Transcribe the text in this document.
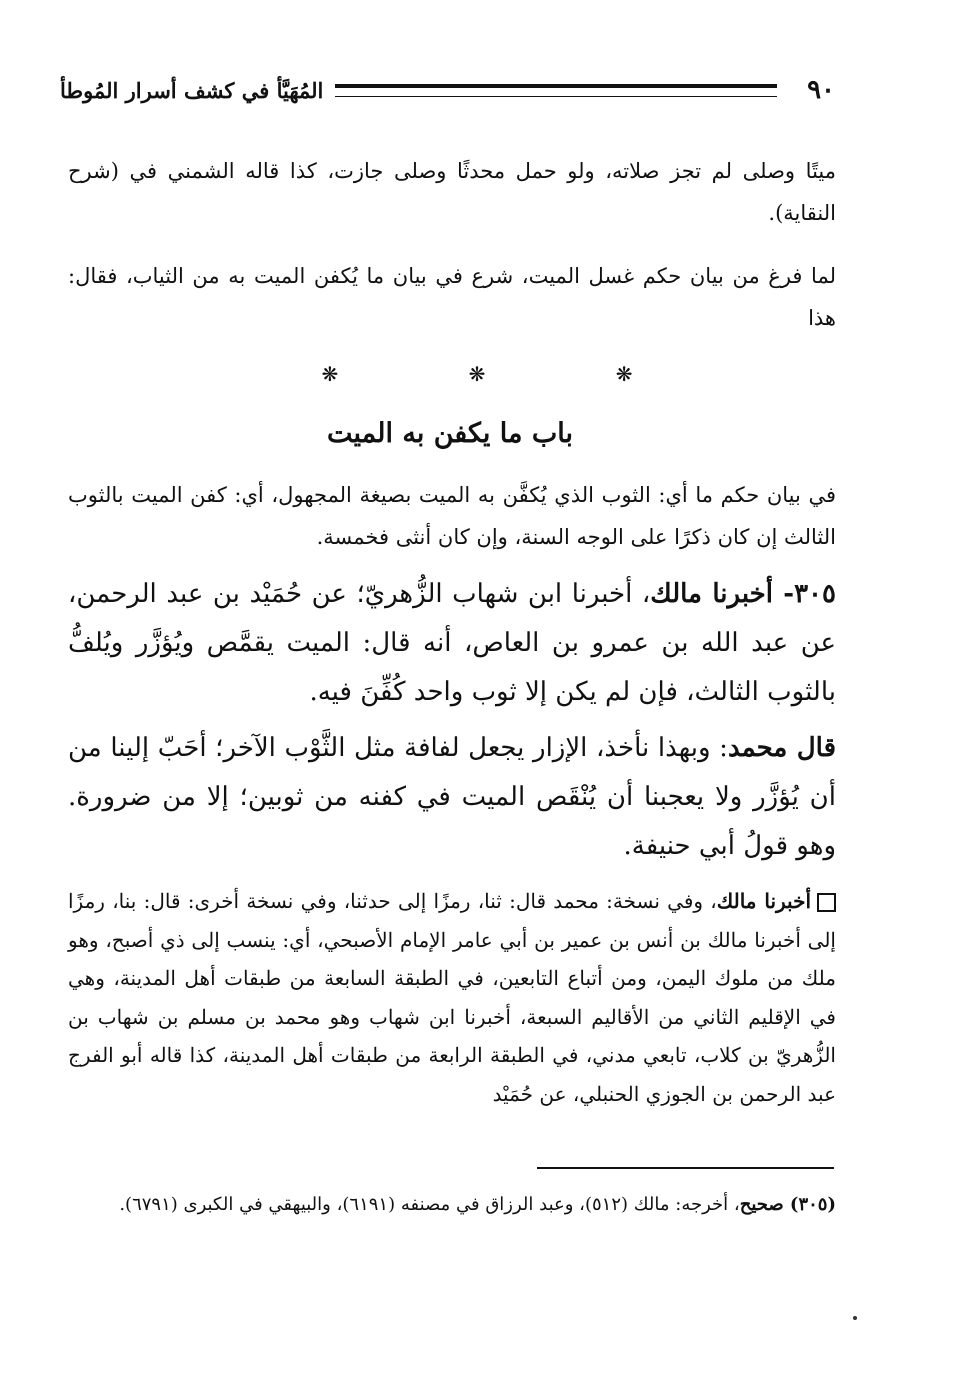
٩٠
المُهَيَّأ في كشف أسرار المُوطأ

ميتًا وصلى لم تجز صلاته، ولو حمل محدثًا وصلى جازت، كذا قاله الشمني في (شرح النقاية).

لما فرغ من بيان حكم غسل الميت، شرع في بيان ما يُكفن الميت به من الثياب، فقال: هذا

❋ ❋ ❋
باب ما يكفن به الميت

في بيان حكم ما أي: الثوب الذي يُكفَّن به الميت بصيغة المجهول، أي: كفن الميت بالثوب الثالث إن كان ذكرًا على الوجه السنة، وإن كان أنثى فخمسة.

٣٠٥- أخبرنا مالك، أخبرنا ابن شهاب الزُّهريّ؛ عن حُمَيْد بن عبد الرحمن، عن عبد الله بن عمرو بن العاص، أنه قال: الميت يقمَّص ويُؤزَّر ويُلفُّ بالثوب الثالث، فإن لم يكن إلا ثوب واحد كُفِّنَ فيه.

قال محمد: وبهذا نأخذ، الإزار يجعل لفافة مثل الثَّوْب الآخر؛ أحَبّ إلينا من أن يُؤزَّر ولا يعجبنا أن يُنْقَص الميت في كفنه من ثوبين؛ إلا من ضرورة. وهو قولُ أبي حنيفة.

أخبرنا مالك، وفي نسخة: محمد قال: ثنا، رمزًا إلى حدثنا، وفي نسخة أخرى: قال: بنا، رمزًا إلى أخبرنا مالك بن أنس بن عمير بن أبي عامر الإمام الأصبحي، أي: ينسب إلى ذي أصبح، وهو ملك من ملوك اليمن، ومن أتباع التابعين، في الطبقة السابعة من طبقات أهل المدينة، وهي في الإقليم الثاني من الأقاليم السبعة، أخبرنا ابن شهاب وهو محمد بن مسلم بن شهاب بن الزُّهريّ بن كلاب، تابعي مدني، في الطبقة الرابعة من طبقات أهل المدينة، كذا قاله أبو الفرج عبد الرحمن بن الجوزي الحنبلي، عن حُمَيْد

(٣٠٥) صحيح، أخرجه: مالك (٥١٢)، وعبد الرزاق في مصنفه (٦١٩١)، والبيهقي في الكبرى (٦٧٩١).
